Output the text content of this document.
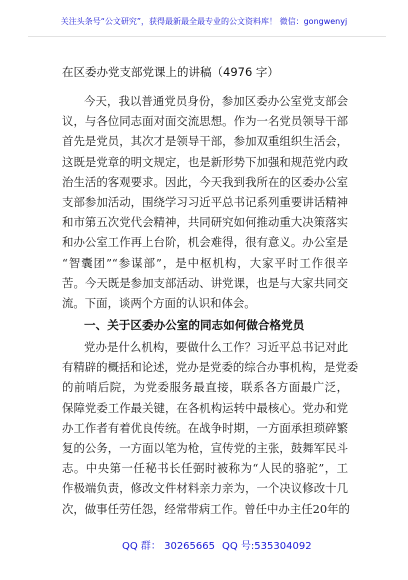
关注头条号“公文研究”，获得最新最全最专业的公文资料库！ 微信：gongwenyj
在区委办党支部党课上的讲稿（4976 字）
今天，我以普通党员身份，参加区委办公室党支部会
议，与各位同志面对面交流思想。作为一名党员领导干部
首先是党员，其次才是领导干部，参加双重组织生活会，
这既是党章的明文规定，也是新形势下加强和规范党内政
治生活的客观要求。因此，今天我到我所在的区委办公室
支部参加活动，围绕学习习近平总书记系列重要讲话精神
和市第五次党代会精神，共同研究如何推动重大决策落实
和办公室工作再上台阶，机会难得，很有意义。办公室是
“智囊团”“参谋部”，是中枢机构，大家平时工作很辛
苦。今天既是参加支部活动、讲党课，也是与大家共同交
流。下面，谈两个方面的认识和体会。
一、关于区委办公室的同志如何做合格党员
党办是什么机构，要做什么工作？习近平总书记对此
有精辟的概括和论述，党办是党委的综合办事机构，是党委
的前哨后院，为党委服务最直接，联系各方面最广泛，
保障党委工作最关键，在各机构运转中最核心。党办和党
办工作者有着优良传统。在战争时期，一方面承担琐碎繁
复的公务，一方面以笔为枪，宣传党的主张，鼓舞军民斗
志。中央第一任秘书长任弼时被称为“人民的骆驼”，工
作极端负责，修改文件材料亲力亲为，一个决议修改十几
次，做事任劳任怨，经常带病工作。曾任中办主任20年的
QQ 群： 30265665 QQ 号:535304092
